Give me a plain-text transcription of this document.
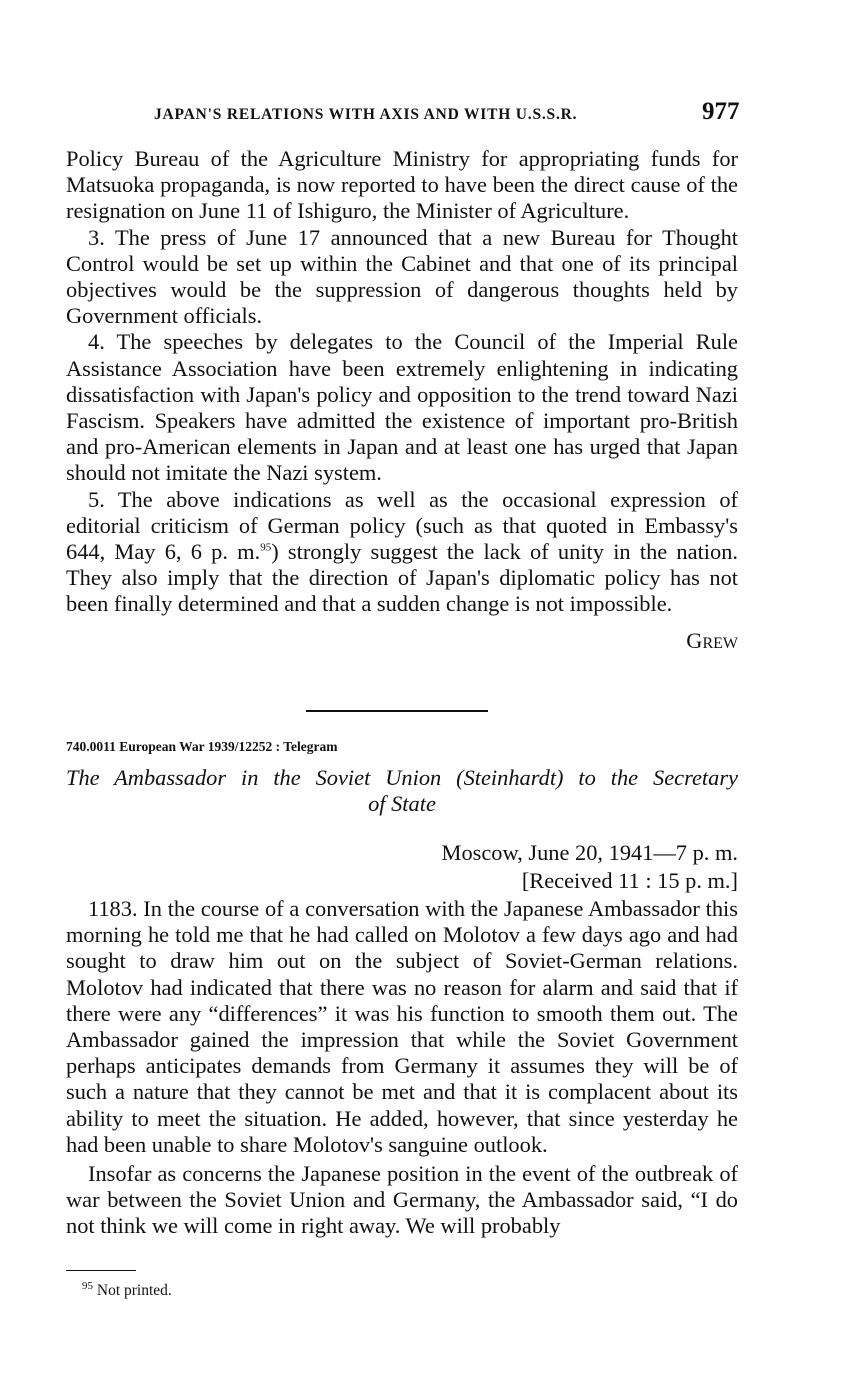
JAPAN'S RELATIONS WITH AXIS AND WITH U.S.S.R.	977

Policy Bureau of the Agriculture Ministry for appropriating funds for Matsuoka propaganda, is now reported to have been the direct cause of the resignation on June 11 of Ishiguro, the Minister of Agriculture.

3. The press of June 17 announced that a new Bureau for Thought Control would be set up within the Cabinet and that one of its principal objectives would be the suppression of dangerous thoughts held by Government officials.

4. The speeches by delegates to the Council of the Imperial Rule Assistance Association have been extremely enlightening in indicating dissatisfaction with Japan's policy and opposition to the trend toward Nazi Fascism. Speakers have admitted the existence of important pro-British and pro-American elements in Japan and at least one has urged that Japan should not imitate the Nazi system.

5. The above indications as well as the occasional expression of editorial criticism of German policy (such as that quoted in Embassy's 644, May 6, 6 p. m.$^{95}$) strongly suggest the lack of unity in the nation. They also imply that the direction of Japan's diplomatic policy has not been finally determined and that a sudden change is not impossible.

Grew

740.0011 European War 1939/12252 : Telegram
The Ambassador in the Soviet Union (Steinhardt) to the Secretary
of State
Moscow, June 20, 1941—7 p. m.
[Received 11 : 15 p. m.]

1183. In the course of a conversation with the Japanese Ambassador this morning he told me that he had called on Molotov a few days ago and had sought to draw him out on the subject of Soviet-German relations. Molotov had indicated that there was no reason for alarm and said that if there were any “differences” it was his function to smooth them out. The Ambassador gained the impression that while the Soviet Government perhaps anticipates demands from Germany it assumes they will be of such a nature that they cannot be met and that it is complacent about its ability to meet the situation. He added, however, that since yesterday he had been unable to share Molotov's sanguine outlook.

Insofar as concerns the Japanese position in the event of the outbreak of war between the Soviet Union and Germany, the Ambassador said, “I do not think we will come in right away. We will probably

$^{95}$ Not printed.
